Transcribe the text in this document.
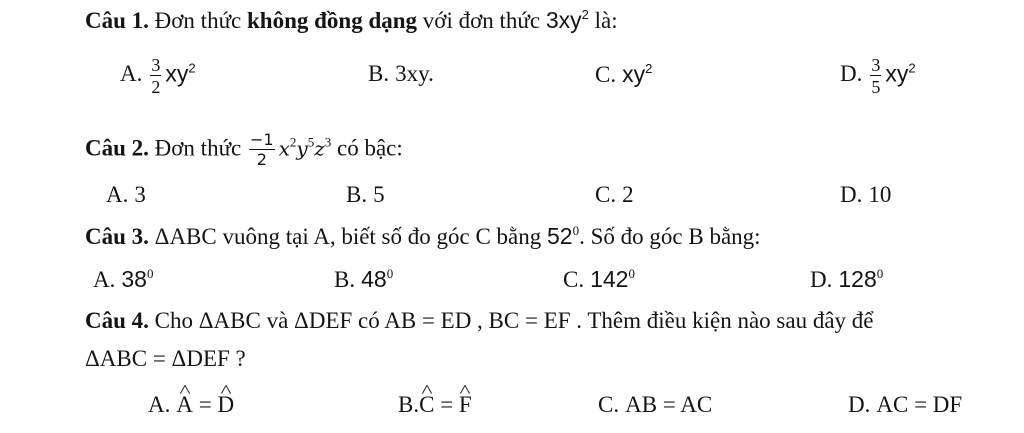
Câu 1. Đơn thức không đồng dạng với đơn thức $3xy^2$ là:
A. $\frac{3}{2} xy^2$	B. 3xy.	C. $xy^2$	D. $\frac{3}{5} xy^2$
Câu 2. Đơn thức $\frac{-1}{2} x^2y^5z^3$ có bậc:
A. 3	B. 5	C. 2	D. 10
Câu 3. ΔABC vuông tại A, biết số đo góc C bằng $52^0$. Số đo góc B bằng:
A. $38^0$	B. $48^0$	C. $142^0$	D. $128^0$
Câu 4. Cho ΔABC và ΔDEF có AB = ED , BC = EF . Thêm điều kiện nào sau đây để
ΔABC = ΔDEF ?
A.^ A = ^ D	B.^ C = ^ F	C. AB = AC	D. AC = DF
